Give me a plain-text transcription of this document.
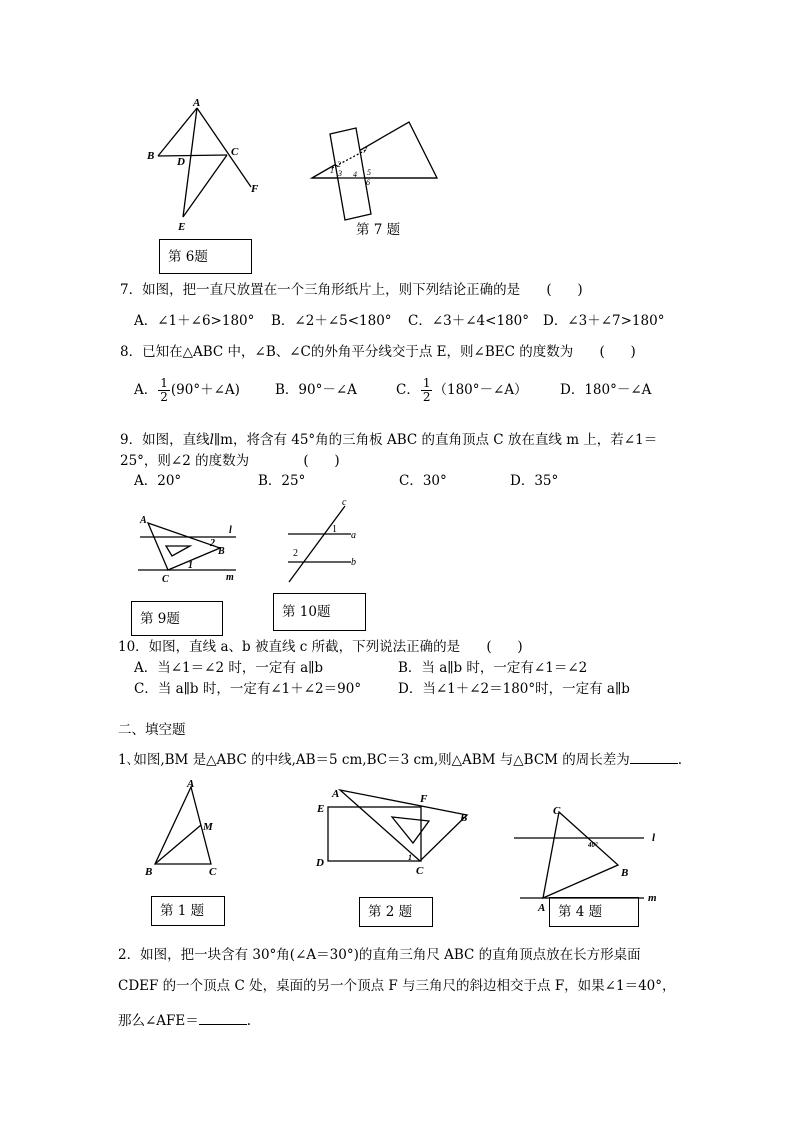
A
B	C
D
E
F
第 6题
1
2
3 4 5
6
7
第 7 题
7．如图，把一直尺放置在一个三角形纸片上，则下列结论正确的是 (      )
A．∠1＋∠6>180° B．∠2＋∠5<180° C．∠3＋∠4<180° D．∠3＋∠7>180°
8．已知在△ABC 中，∠B、∠C的外角平分线交于点 E，则∠BEC 的度数为 (      )
A． $\frac{1}{2}$ (90°＋∠A)	B．90°－∠A	C． $\frac{1}{2}$ （180°－∠A） D．180°－∠A
9．如图，直线l∥m，将含有 45°角的三角板 ABC 的直角顶点 C 放在直线 m 上，若∠1＝
25°，则∠2 的度数为	(      )
A．20°	B．25°	C．30°	D．35°
A
B
C
l
m
1
2
第 9题
c
a
b
1
2
第 10题
10．如图，直线 a、b 被直线 c 所截，下列说法正确的是 (      )
A．当∠1＝∠2 时，一定有 a∥b	B．当 a∥b 时，一定有∠1＝∠2
C．当 a∥b 时，一定有∠1＋∠2＝90°	D．当∠1＋∠2＝180°时，一定有 a∥b
二、填空题
1､如图,BM 是△ABC 的中线,AB＝5 cm,BC＝3 cm,则△ABM 与△BCM 的周长差为	.
A
M
B	C
第 1 题
A	F
B
E
D
C
1
第 2 题
C
B
A
l
m
40°
第 4 题
2．如图，把一块含有 30°角(∠A＝30°)的直角三角尺 ABC 的直角顶点放在长方形桌面
CDEF 的一个顶点 C 处，桌面的另一个顶点 F 与三角尺的斜边相交于点 F，如果∠1＝40°，
那么∠AFE＝	.
